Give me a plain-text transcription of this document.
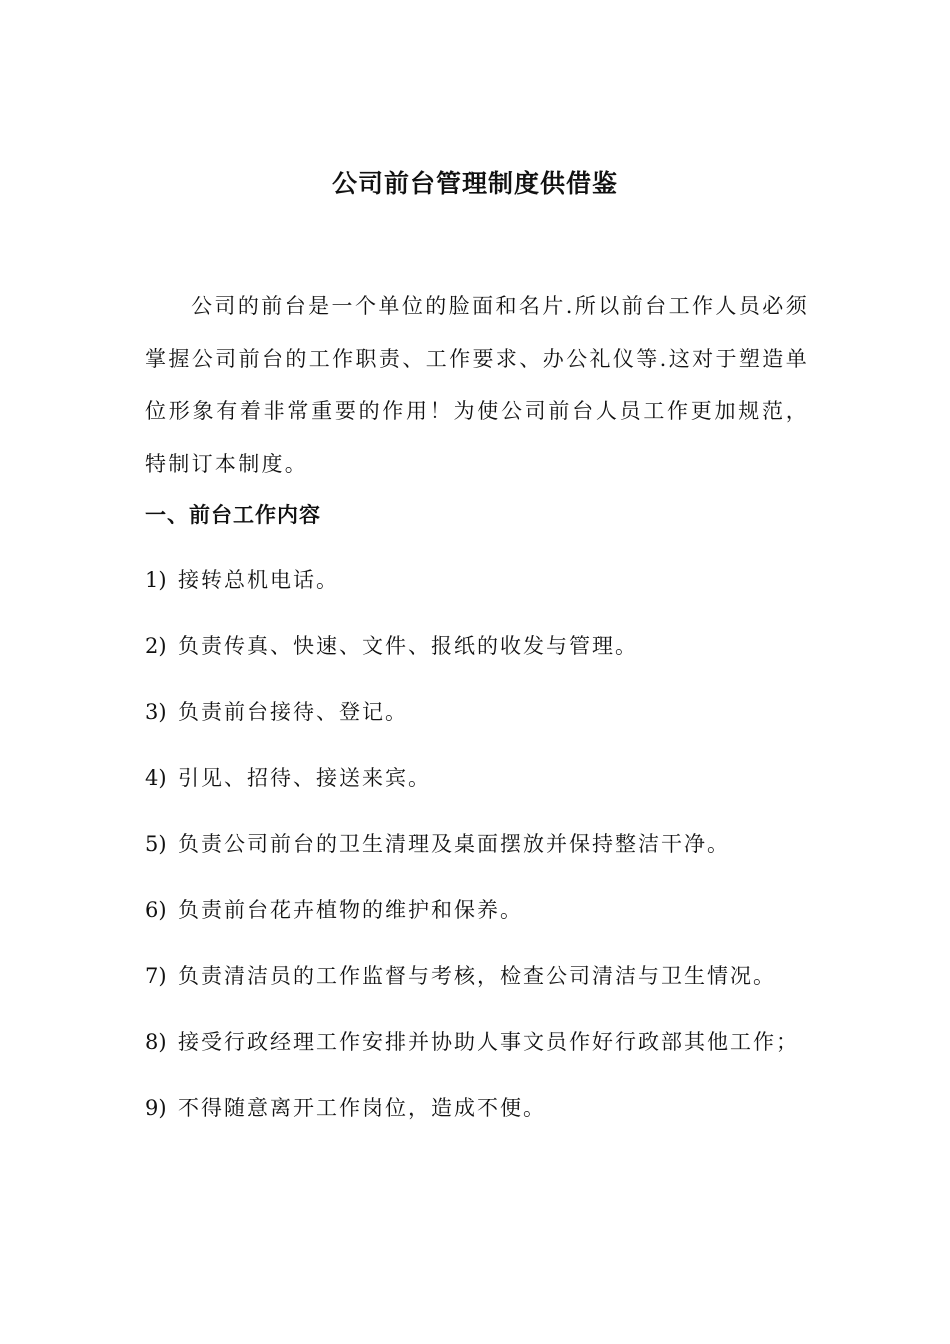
公司前台管理制度供借鉴

公司的前台是一个单位的脸面和名片.所以前台工作人员必须掌握公司前台的工作职责、工作要求、办公礼仪等.这对于塑造单位形象有着非常重要的作用！为使公司前台人员工作更加规范，特制订本制度。

一、前台工作内容
1) 接转总机电话。
2) 负责传真、快速、文件、报纸的收发与管理。
3) 负责前台接待、登记。
4) 引见、招待、接送来宾。
5) 负责公司前台的卫生清理及桌面摆放并保持整洁干净。
6) 负责前台花卉植物的维护和保养。
7) 负责清洁员的工作监督与考核，检查公司清洁与卫生情况。
8) 接受行政经理工作安排并协助人事文员作好行政部其他工作；
9) 不得随意离开工作岗位，造成不便。
